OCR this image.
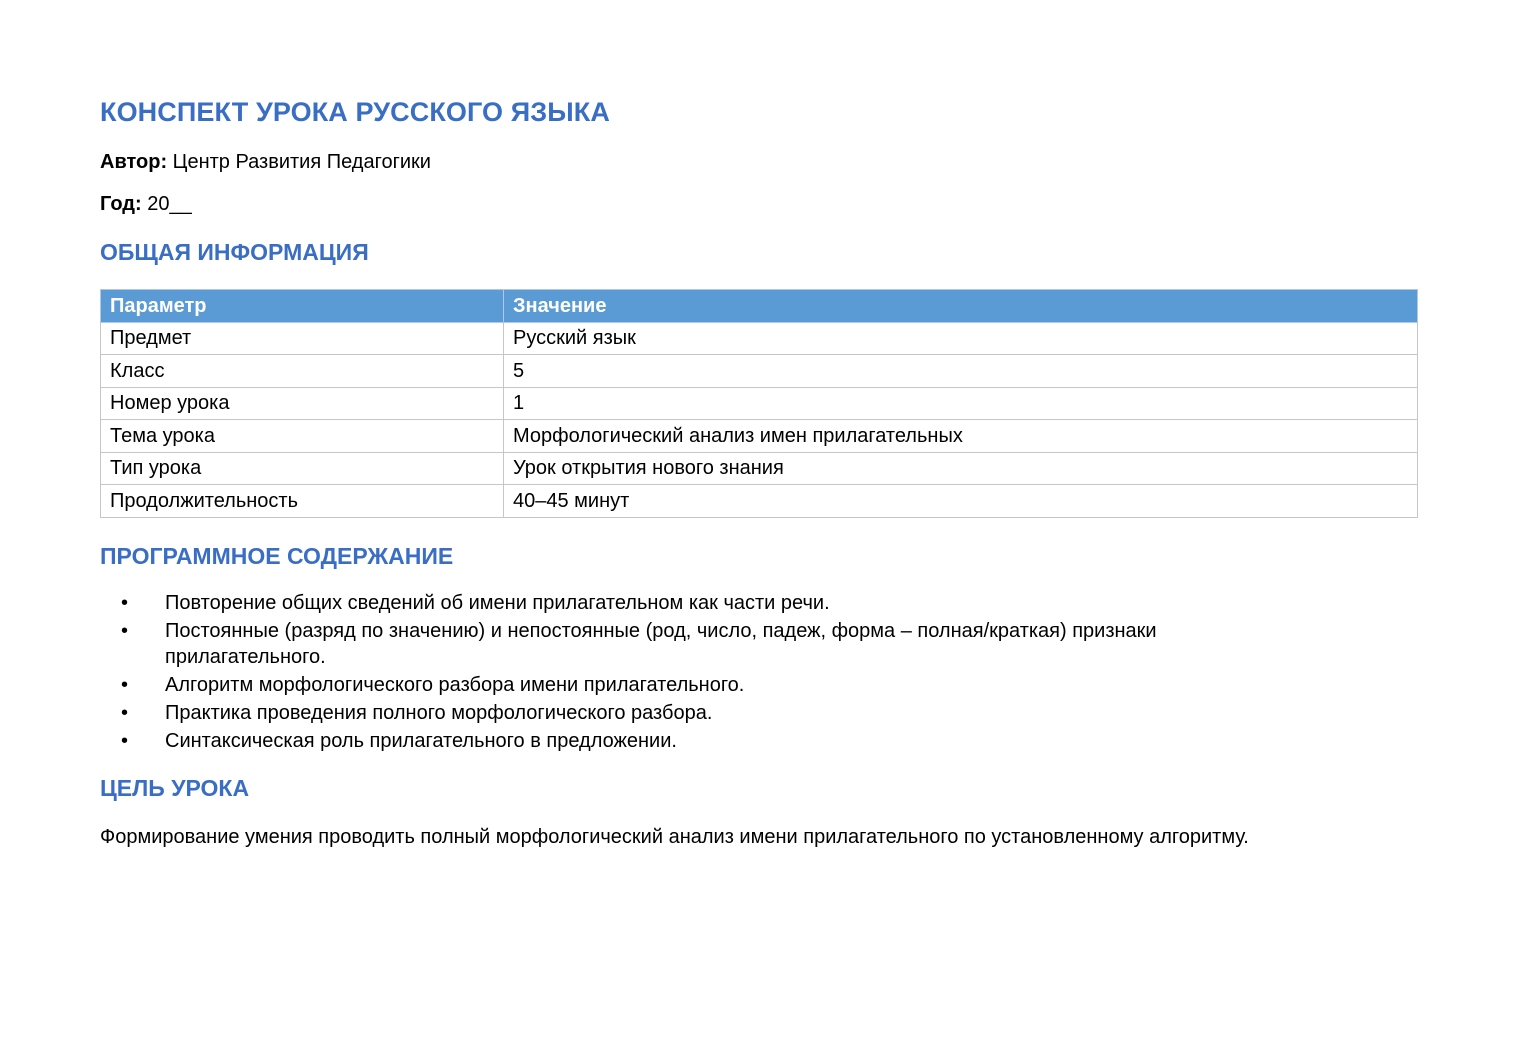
КОНСПЕКТ УРОКА РУССКОГО ЯЗЫКА

Автор: Центр Развития Педагогики

Год: 20__

ОБЩАЯ ИНФОРМАЦИЯ
Параметр	Значение
Предмет	Русский язык
Класс	5
Номер урока	1
Тема урока	Морфологический анализ имен прилагательных
Тип урока	Урок открытия нового знания
Продолжительность	40–45 минут
ПРОГРАММНОЕ СОДЕРЖАНИЕ
• Повторение общих сведений об имени прилагательном как части речи.
• Постоянные (разряд по значению) и непостоянные (род, число, падеж, форма – полная/краткая) признаки прилагательного.
• Алгоритм морфологического разбора имени прилагательного.
• Практика проведения полного морфологического разбора.
• Синтаксическая роль прилагательного в предложении.
ЦЕЛЬ УРОКА

Формирование умения проводить полный морфологический анализ имени прилагательного по установленному алгоритму.
